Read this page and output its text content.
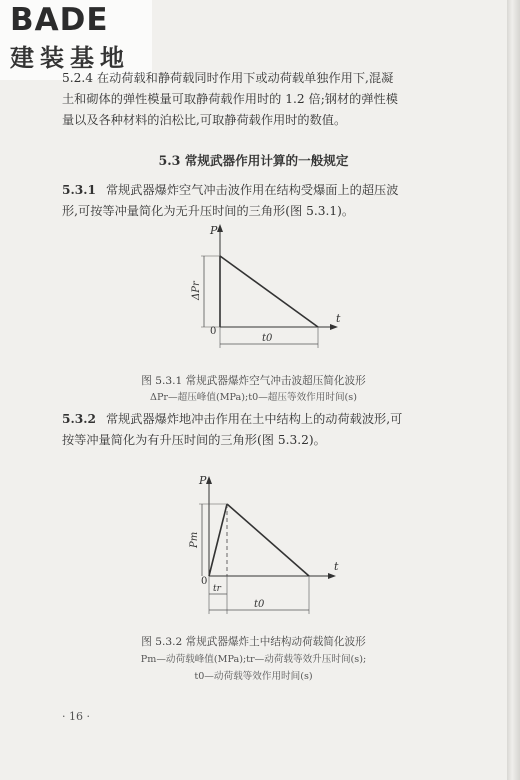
BADE
建装基地
5.2.4 在动荷载和静荷载同时作用下或动荷载单独作用下,混凝
土和砌体的弹性模量可取静荷载作用时的 1.2 倍;钢材的弹性模
量以及各种材料的泊松比,可取静荷载作用时的数值。
5.3 常规武器作用计算的一般规定
5.3.1 常规武器爆炸空气冲击波作用在结构受爆面上的超压波
形,可按等冲量简化为无升压时间的三角形(图 5.3.1)。
P
t
0
ΔPr
t0
图 5.3.1 常规武器爆炸空气冲击波超压简化波形
ΔPr—超压峰值(MPa);t0—超压等效作用时间(s)
5.3.2 常规武器爆炸地冲击作用在土中结构上的动荷载波形,可
按等冲量简化为有升压时间的三角形(图 5.3.2)。
P
t
0
Pm
tr
t0
图 5.3.2 常规武器爆炸土中结构动荷载简化波形
Pm—动荷载峰值(MPa);tr—动荷载等效升压时间(s);
t0—动荷载等效作用时间(s)
· 16 ·
